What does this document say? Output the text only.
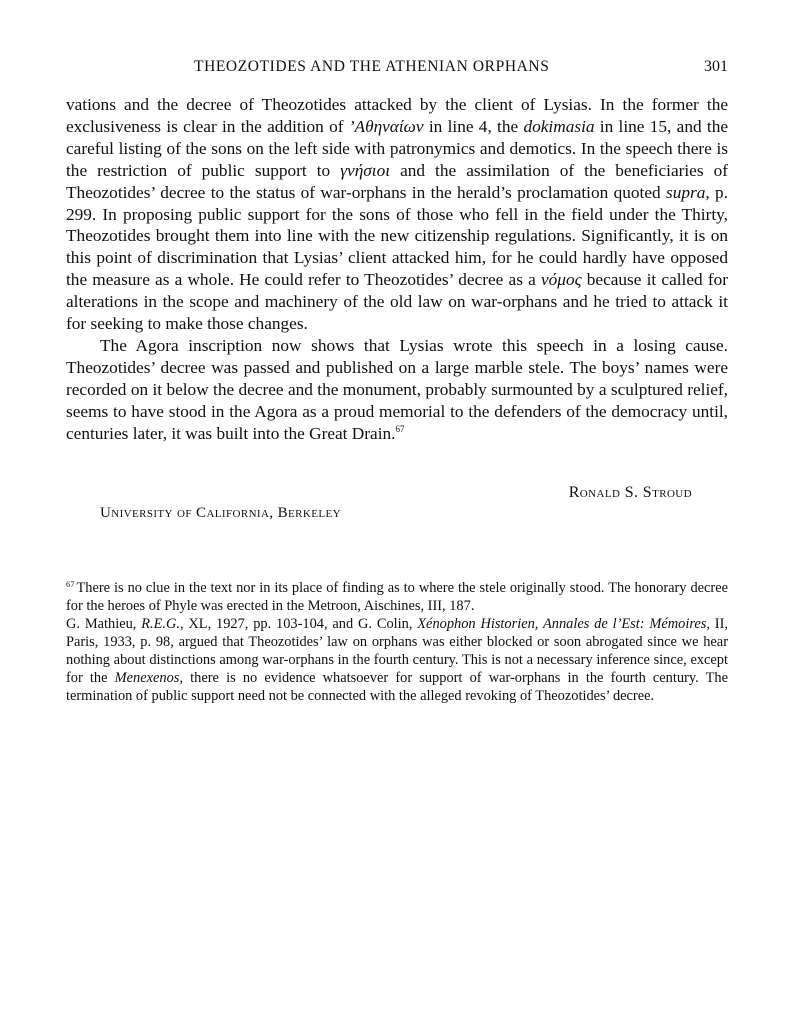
THEOZOTIDES AND THE ATHENIAN ORPHANS	301

vations and the decree of Theozotides attacked by the client of Lysias. In the former the exclusiveness is clear in the addition of ’Αθηναίων in line 4, the dokimasia in line 15, and the careful listing of the sons on the left side with patronymics and demotics. In the speech there is the restriction of public support to γνήσιοι and the assimilation of the beneficiaries of Theozotides’ decree to the status of war-orphans in the herald’s proclamation quoted supra, p. 299. In proposing public support for the sons of those who fell in the field under the Thirty, Theozotides brought them into line with the new citizenship regulations. Significantly, it is on this point of discrimination that Lysias’ client attacked him, for he could hardly have opposed the measure as a whole. He could refer to Theozotides’ decree as a νόμος because it called for alterations in the scope and machinery of the old law on war-orphans and he tried to attack it for seeking to make those changes.

The Agora inscription now shows that Lysias wrote this speech in a losing cause. Theozotides’ decree was passed and published on a large marble stele. The boys’ names were recorded on it below the decree and the monument, probably surmounted by a sculptured relief, seems to have stood in the Agora as a proud memorial to the defenders of the democracy until, centuries later, it was built into the Great Drain.$^{67}$

Ronald S. Stroud
University of California, Berkeley

$^{67}$ There is no clue in the text nor in its place of finding as to where the stele originally stood. The honorary decree for the heroes of Phyle was erected in the Metroon, Aischines, III, 187.

G. Mathieu, R.E.G., XL, 1927, pp. 103-104, and G. Colin, Xénophon Historien, Annales de l’Est: Mémoires, II, Paris, 1933, p. 98, argued that Theozotides’ law on orphans was either blocked or soon abrogated since we hear nothing about distinctions among war-orphans in the fourth century. This is not a necessary inference since, except for the Menexenos, there is no evidence whatsoever for support of war-orphans in the fourth century. The termination of public support need not be connected with the alleged revoking of Theozotides’ decree.
